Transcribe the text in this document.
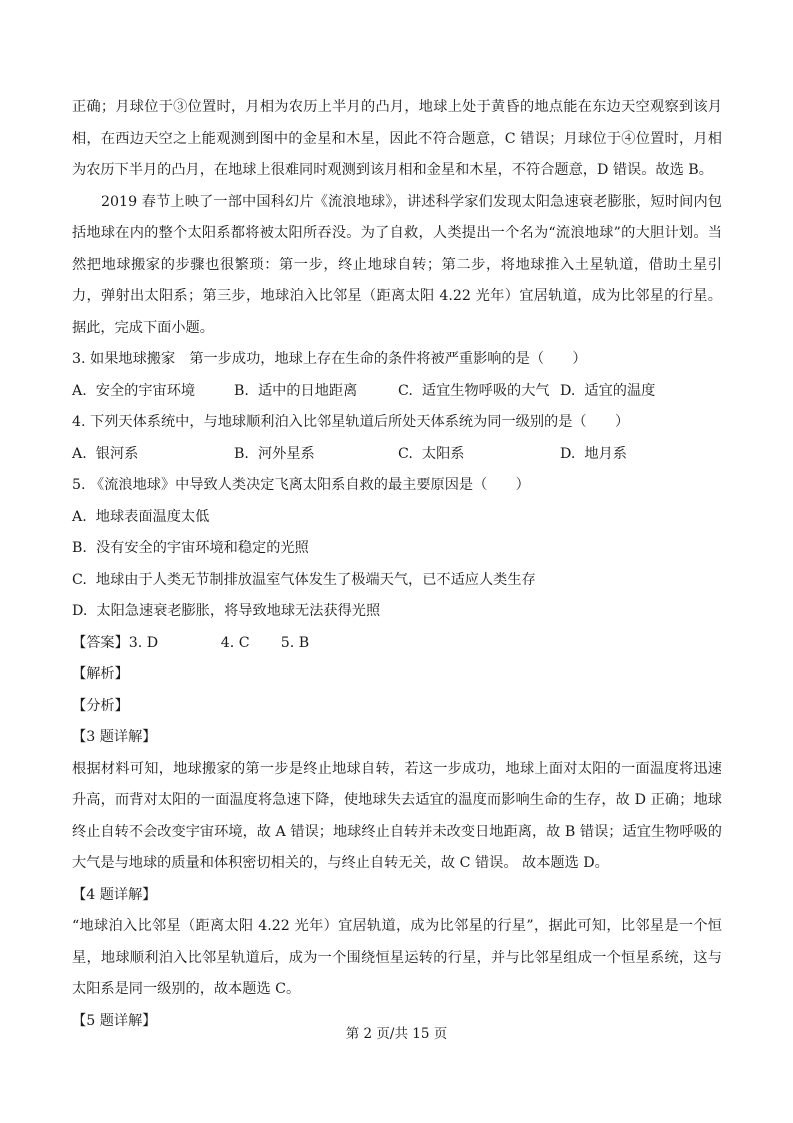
正确；月球位于③位置时，月相为农历上半月的凸月，地球上处于黄昏的地点能在东边天空观察到该月相，在西边天空之上能观测到图中的金星和木星，因此不符合题意，C 错误；月球位于④位置时，月相为农历下半月的凸月，在地球上很难同时观测到该月相和金星和木星，不符合题意，D 错误。故选 B。

2019 春节上映了一部中国科幻片《流浪地球》，讲述科学家们发现太阳急速衰老膨胀，短时间内包括地球在内的整个太阳系都将被太阳所吞没。为了自救，人类提出一个名为“流浪地球”的大胆计划。当然把地球搬家的步骤也很繁琐：第一步，终止地球自转；第二步，将地球推入土星轨道，借助土星引力，弹射出太阳系；第三步，地球泊入比邻星（距离太阳 4.22 光年）宜居轨道，成为比邻星的行星。据此，完成下面小题。

3. 如果地球搬家　第一步成功，地球上存在生命的条件将被严重影响的是（　　）

A.  安全的宇宙环境	B.  适中的日地距离	C.  适宜生物呼吸的大气 D.  适宜的温度

4. 下列天体系统中，与地球顺利泊入比邻星轨道后所处天体系统为同一级别的是（　　）

A.  银河系	B.  河外星系	C.  太阳系	D.  地月系

5. 《流浪地球》中导致人类决定飞离太阳系自救的最主要原因是（　　）

A.  地球表面温度太低

B.  没有安全的宇宙环境和稳定的光照

C.  地球由于人类无节制排放温室气体发生了极端天气，已不适应人类生存

D.  太阳急速衰老膨胀，将导致地球无法获得光照

【答案】 3. D	4. C	5. B

【解析】

【分析】

【3 题详解】

根据材料可知，地球搬家的第一步是终止地球自转，若这一步成功，地球上面对太阳的一面温度将迅速升高，而背对太阳的一面温度将急速下降，使地球失去适宜的温度而影响生命的生存，故 D 正确；地球终止自转不会改变宇宙环境，故 A 错误；地球终止自转并未改变日地距离，故 B 错误；适宜生物呼吸的大气是与地球的质量和体积密切相关的，与终止自转无关，故 C 错误。 故本题选 D。

【4 题详解】

“地球泊入比邻星（距离太阳 4.22 光年）宜居轨道，成为比邻星的行星”，据此可知，比邻星是一个恒星，地球顺利泊入比邻星轨道后，成为一个围绕恒星运转的行星，并与比邻星组成一个恒星系统，这与太阳系是同一级别的，故本题选 C。

【5 题详解】

第 2 页/共 15 页
